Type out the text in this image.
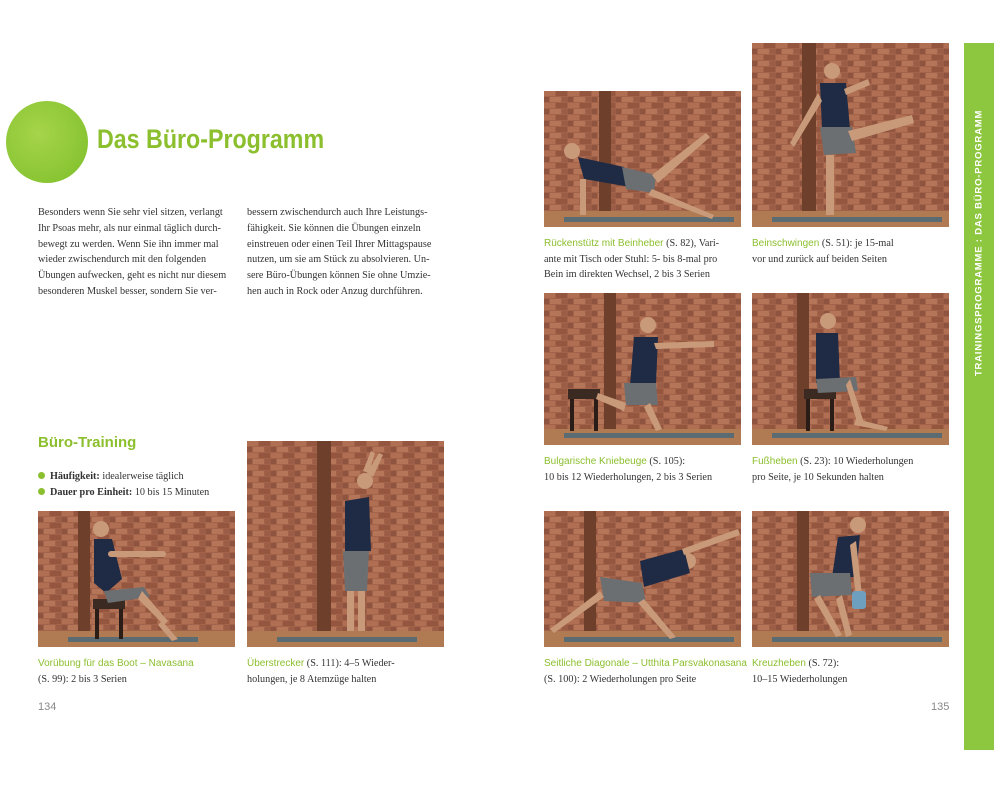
Das Büro-Programm
Besonders wenn Sie sehr viel sitzen, verlangt
Ihr Psoas mehr, als nur einmal täglich durch-
bewegt zu werden. Wenn Sie ihn immer mal
wieder zwischendurch mit den folgenden
Übungen aufwecken, geht es nicht nur diesem
besonderen Muskel besser, sondern Sie ver-
bessern zwischendurch auch Ihre Leistungs-
fähigkeit. Sie können die Übungen einzeln
einstreuen oder einen Teil Ihrer Mittagspause
nutzen, um sie am Stück zu absolvieren. Un-
sere Büro-Übungen können Sie ohne Umzie-
hen auch in Rock oder Anzug durchführen.
Büro-Training
Häufigkeit: idealerweise täglich
Dauer pro Einheit: 10 bis 15 Minuten
Vorübung für das Boot – Navasana
(S. 99): 2 bis 3 Serien
Überstrecker (S. 111): 4–5 Wieder-
holungen, je 8 Atemzüge halten
134
Rückenstütz mit Beinheber (S. 82), Vari-
ante mit Tisch oder Stuhl: 5- bis 8-mal pro
Bein im direkten Wechsel, 2 bis 3 Serien
Beinschwingen (S. 51): je 15-mal
vor und zurück auf beiden Seiten
Bulgarische Kniebeuge (S. 105):
10 bis 12 Wiederholungen, 2 bis 3 Serien
Fußheben (S. 23): 10 Wiederholungen
pro Seite, je 10 Sekunden halten
Seitliche Diagonale – Utthita Parsvakonasana
(S. 100): 2 Wiederholungen pro Seite
Kreuzheben (S. 72):
10–15 Wiederholungen
135
TRAININGSPROGRAMME : DAS BÜRO-PROGRAMM
